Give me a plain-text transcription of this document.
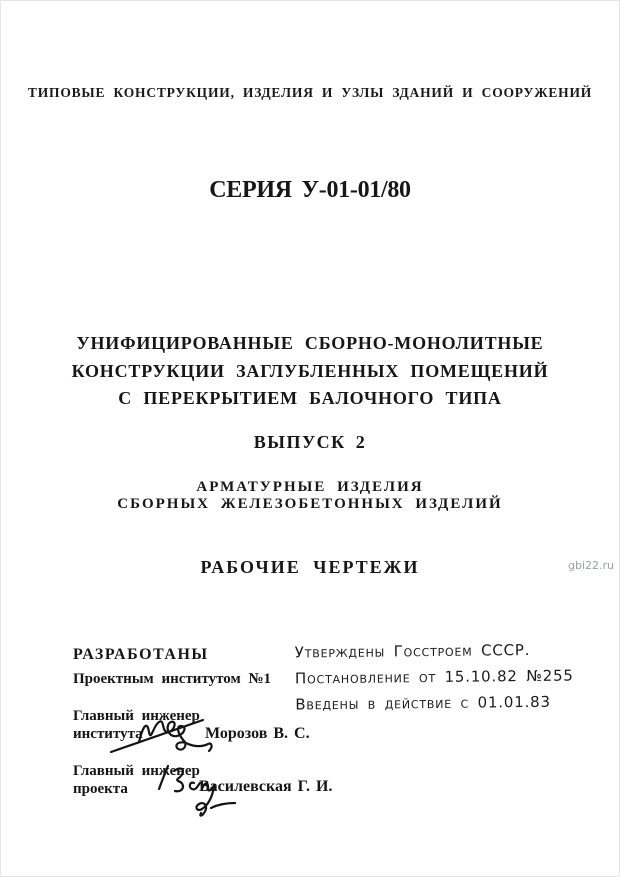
ТИПОВЫЕ КОНСТРУКЦИИ, ИЗДЕЛИЯ И УЗЛЫ ЗДАНИЙ И СООРУЖЕНИЙ
СЕРИЯ У-01-01/80
УНИФИЦИРОВАННЫЕ СБОРНО-МОНОЛИТНЫЕ
КОНСТРУКЦИИ ЗАГЛУБЛЕННЫХ ПОМЕЩЕНИЙ
С ПЕРЕКРЫТИЕМ БАЛОЧНОГО ТИПА
ВЫПУСК 2
АРМАТУРНЫЕ ИЗДЕЛИЯ
СБОРНЫХ ЖЕЛЕЗОБЕТОННЫХ ИЗДЕЛИЙ
РАБОЧИЕ ЧЕРТЕЖИ	gbi22.ru
РАЗРАБОТАНЫ
Проектным институтом №1
Утверждены Госстроем СССР.
Постановление от 15.10.82 №255
Введены в действие с 01.01.83
Главный инженер
института	Морозов В. С.
Главный инженер
проекта	Василевская Г. И.
